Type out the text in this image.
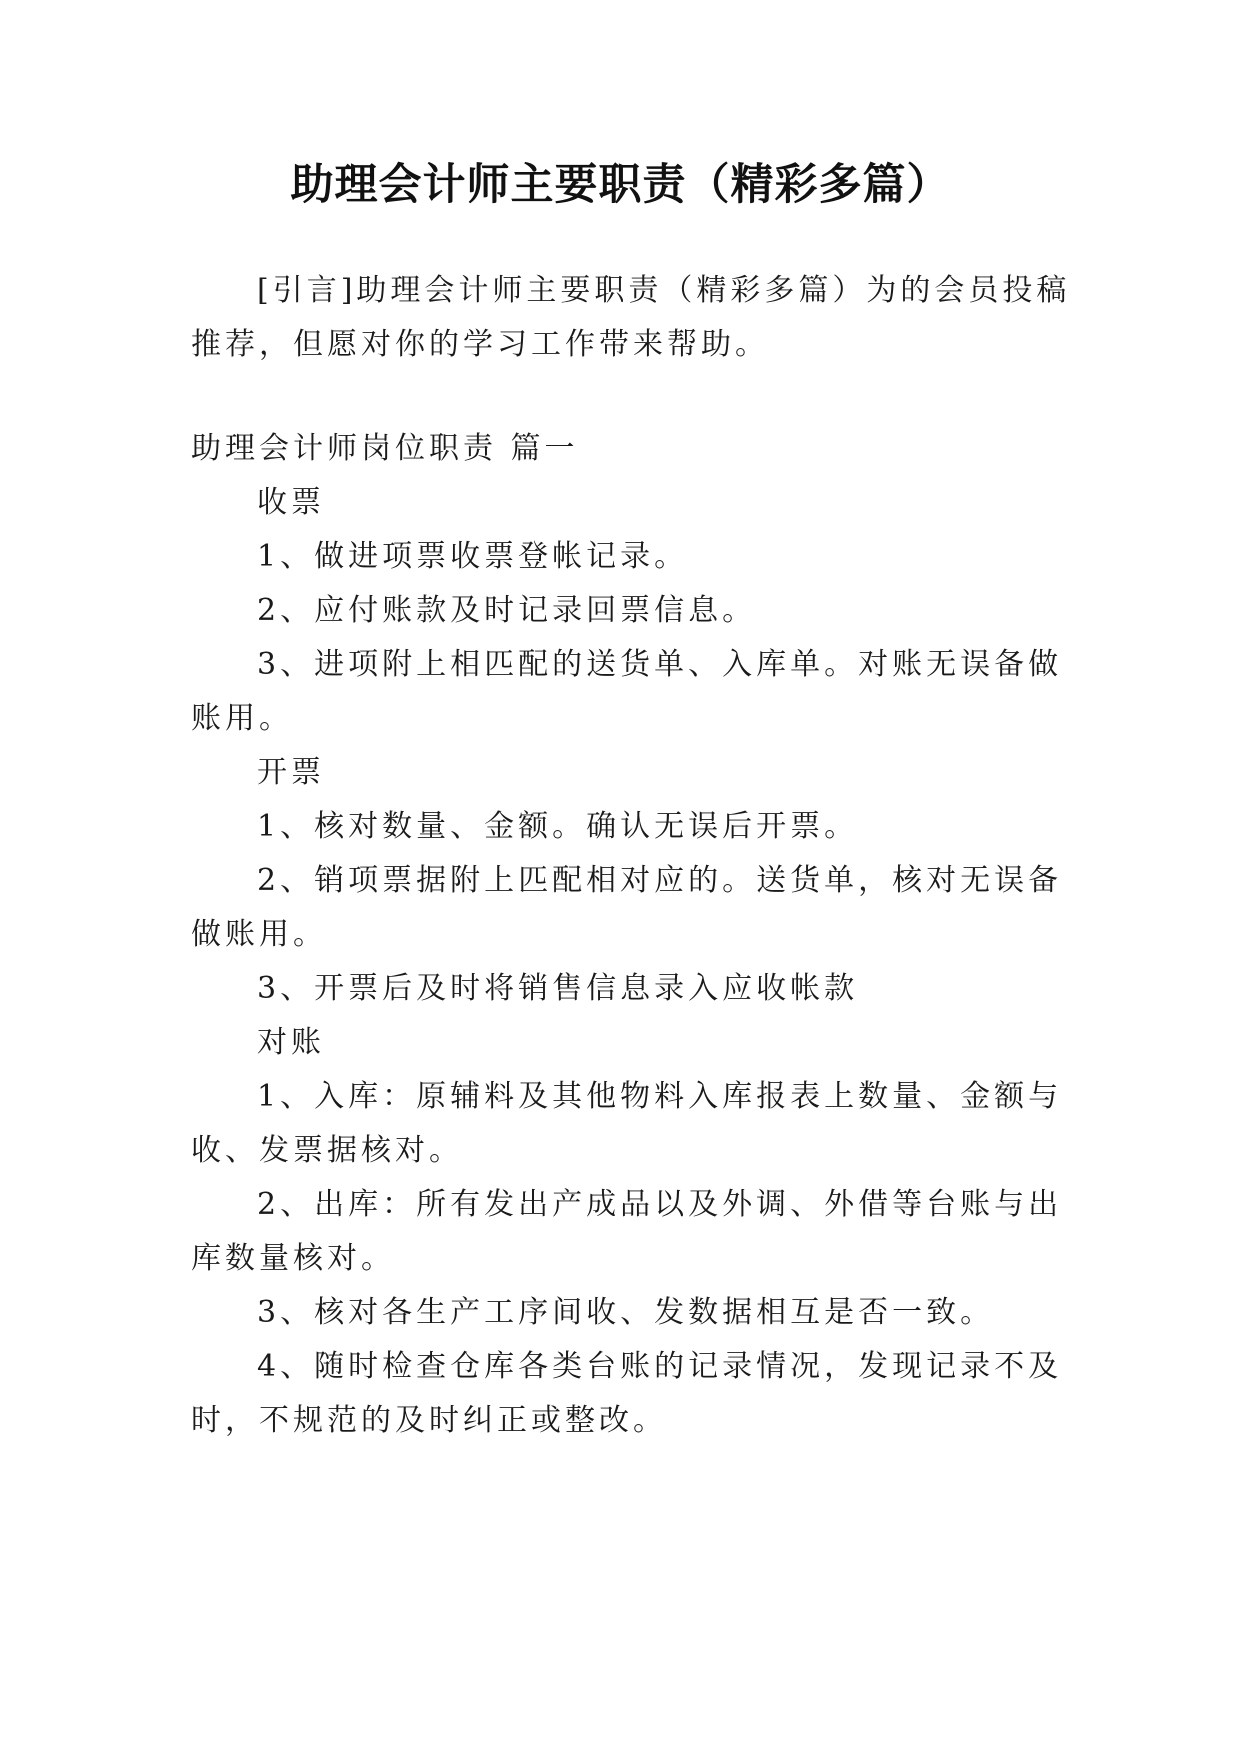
助理会计师主要职责（精彩多篇）
[引言]助理会计师主要职责（精彩多篇）为的会员投稿
推荐，但愿对你的学习工作带来帮助。
助理会计师岗位职责 篇一
收票
1、做进项票收票登帐记录。
2、应付账款及时记录回票信息。
3、进项附上相匹配的送货单、入库单。对账无误备做
账用。
开票
1、核对数量、金额。确认无误后开票。
2、销项票据附上匹配相对应的。送货单，核对无误备
做账用。
3、开票后及时将销售信息录入应收帐款
对账
1、入库：原辅料及其他物料入库报表上数量、金额与
收、发票据核对。
2、出库：所有发出产成品以及外调、外借等台账与出
库数量核对。
3、核对各生产工序间收、发数据相互是否一致。
4、随时检查仓库各类台账的记录情况，发现记录不及
时，不规范的及时纠正或整改。
